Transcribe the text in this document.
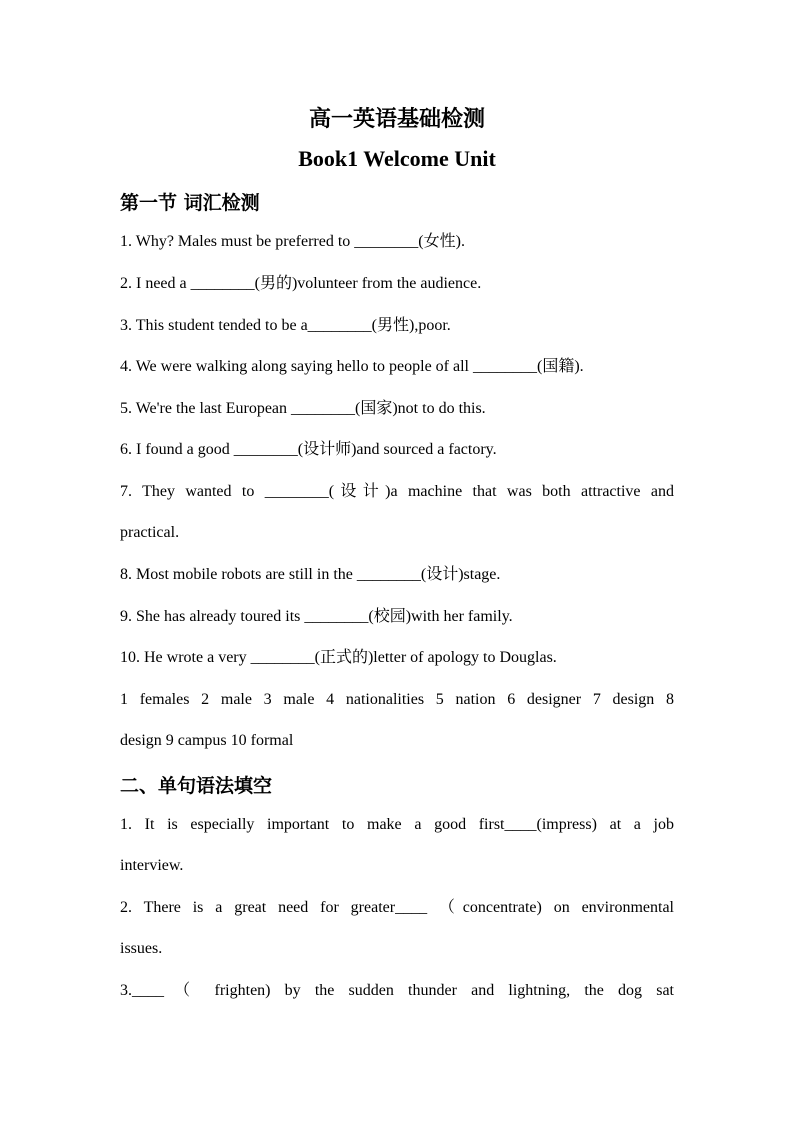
高一英语基础检测
Book1 Welcome Unit
第一节 词汇检测
1. Why? Males must be preferred to ________(女性).
2. I need a ________(男的)volunteer from the audience.
3. This student tended to be a________(男性),poor.
4. We were walking along saying hello to people of all ________(国籍).
5. We're the last European ________(国家)not to do this.
6. I found a good ________(设计师)and sourced a factory.
7. They wanted to ________(设计)a machine that was both attractive and
practical.
8. Most mobile robots are still in the ________(设计)stage.
9. She has already toured its ________(校园)with her family.
10. He wrote a very ________(正式的)letter of apology to Douglas.
1 females 2 male 3 male 4 nationalities 5 nation 6 designer 7 design 8
design 9 campus 10 formal
二、单句语法填空
1. It is especially important to make a good first____(impress) at a job
interview.
2. There is a great need for greater____ （concentrate) on environmental
issues.
3.____（ frighten) by the sudden thunder and lightning, the dog sat
